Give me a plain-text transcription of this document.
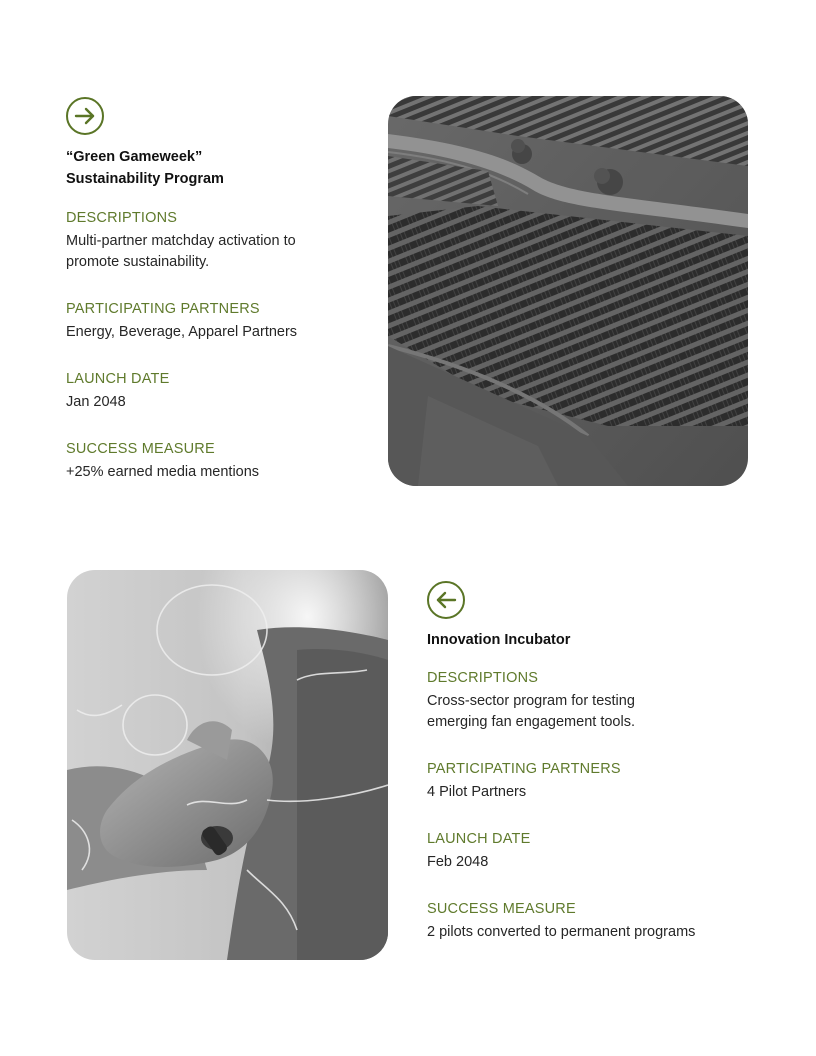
“Green Gameweek”
Sustainability Program
DESCRIPTIONS
Multi-partner matchday activation to
promote sustainability.
PARTICIPATING PARTNERS
Energy, Beverage, Apparel Partners
LAUNCH DATE
Jan 2048
SUCCESS MEASURE
+25% earned media mentions
Innovation Incubator
DESCRIPTIONS
Cross-sector program for testing
emerging fan engagement tools.
PARTICIPATING PARTNERS
4 Pilot Partners
LAUNCH DATE
Feb 2048
SUCCESS MEASURE
2 pilots converted to permanent programs
